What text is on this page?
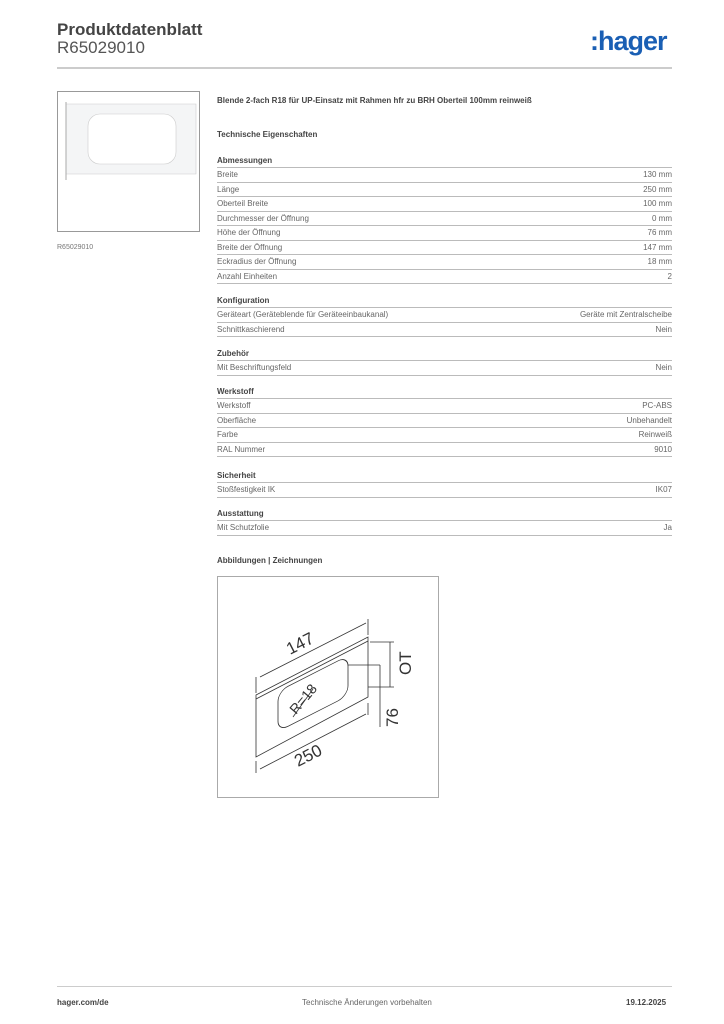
Produktdatenblatt
R65029010	:hager
R65029010
Blende 2-fach R18 für UP-Einsatz mit Rahmen hfr zu BRH Oberteil 100mm reinweiß
Technische Eigenschaften
Abmessungen
Breite	130 mm
Länge	250 mm
Oberteil Breite	100 mm
Durchmesser der Öffnung	0 mm
Höhe der Öffnung	76 mm
Breite der Öffnung	147 mm
Eckradius der Öffnung	18 mm
Anzahl Einheiten	2
Konfiguration
Geräteart (Geräteblende für Geräteeinbaukanal)	Geräte mit Zentralscheibe
Schnittkaschierend	Nein
Zubehör
Mit Beschriftungsfeld	Nein
Werkstoff
Werkstoff	PC-ABS
Oberfläche	Unbehandelt
Farbe	Reinweiß
RAL Nummer	9010
Sicherheit
Stoßfestigkeit IK	IK07
Ausstattung
Mit Schutzfolie	Ja
Abbildungen | Zeichnungen
147
R=18
250
76
OT
hager.com/de	Technische Änderungen vorbehalten	19.12.2025
